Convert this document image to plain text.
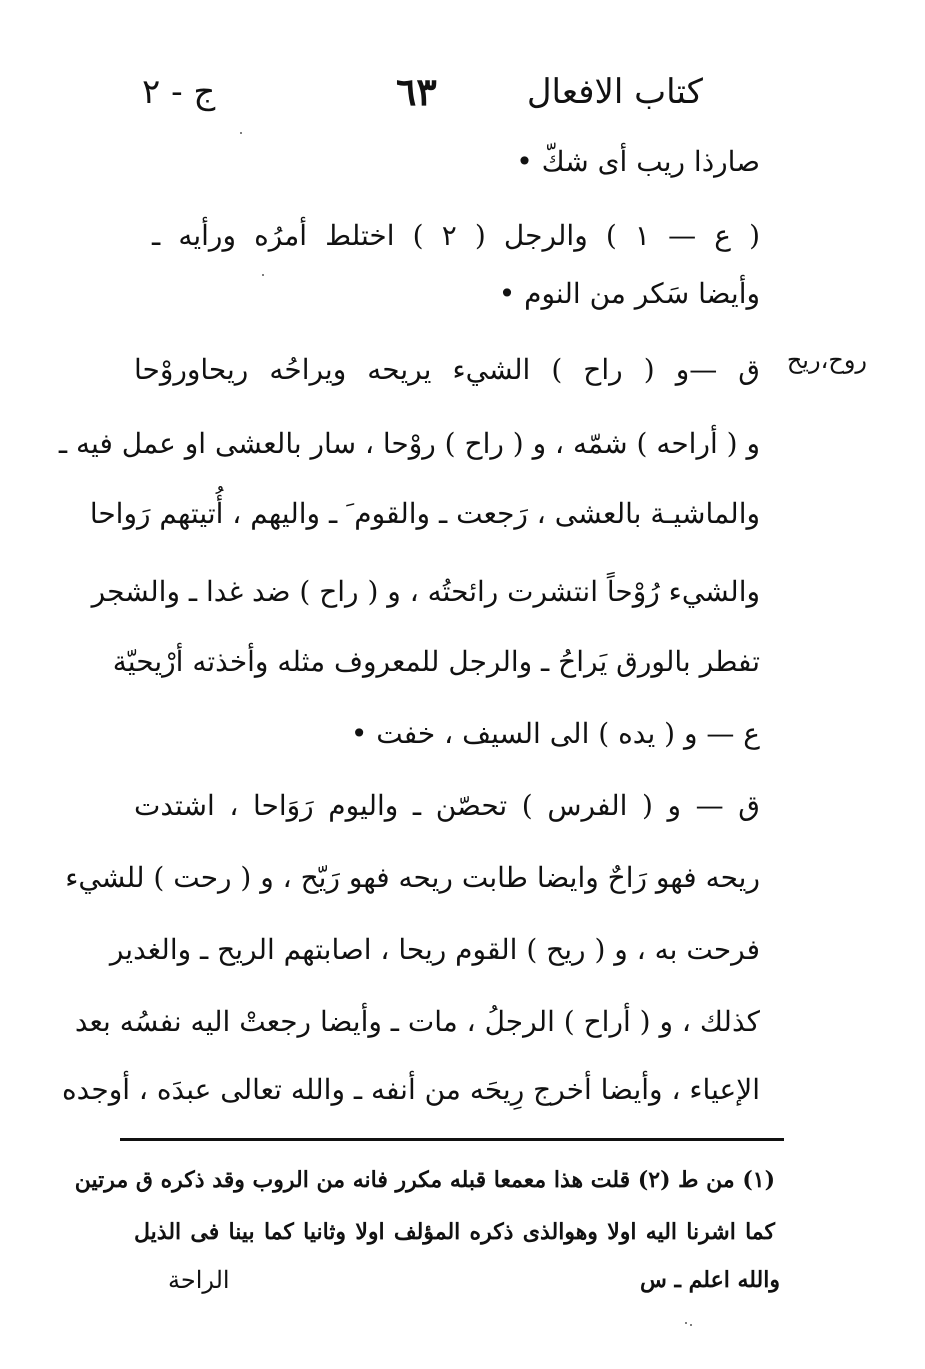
كتاب الافعال
٦٣
ج - ٢
روح،ريح
صارذا ريب أى شكّ •
( ع — ١ ) والرجل ( ٢ ) اختلط أمرُه ورأيه ـ
وأيضا سَكر من النوم •
ق —و ( راح ) الشيء يريحه ويراحُه ريحاوروْحا
و ( أراحه ) شمّه ، و ( راح ) روْحا ، سار بالعشى او عمل فيه ـ
والماشيـة بالعشى ، رَجعت ـ والقوم َ ـ واليهم ، أُتيتهم رَواحا
والشيء رُوْحاً انتشرت رائحتُه ، و ( راح ) ضد غدا ـ والشجر
تفطر بالورق يَراحُ ـ والرجل للمعروف مثله وأخذته أرْيحيّة
ع — و ( يده ) الى السيف ، خفت •
ق — و ( الفرس ) تحصّن ـ واليوم رَوَاحا ، اشتدت
ريحه فهو رَاحٌ وايضا طابت ريحه فهو رَيّح ، و ( رحت ) للشيء
فرحت به ، و ( ريح ) القوم ريحا ، اصابتهم الريح ـ والغدير
كذلك ، و ( أراح ) الرجلُ ، مات ـ وأيضا رجعتْ اليه نفسُه بعد
الإعياء ، وأيضا أخرج رِيحَه من أنفه ـ والله تعالى عبدَه ، أوجده
(١) من ط (٢) قلت هذا معمعا قبله مكرر فانه من الروب وقد ذكره ق مرتين
كما اشرنا اليه اولا وهوالذى ذكره المؤلف اولا وثانيا كما بينا فى الذيل
والله اعلم ـ س
الراحة
